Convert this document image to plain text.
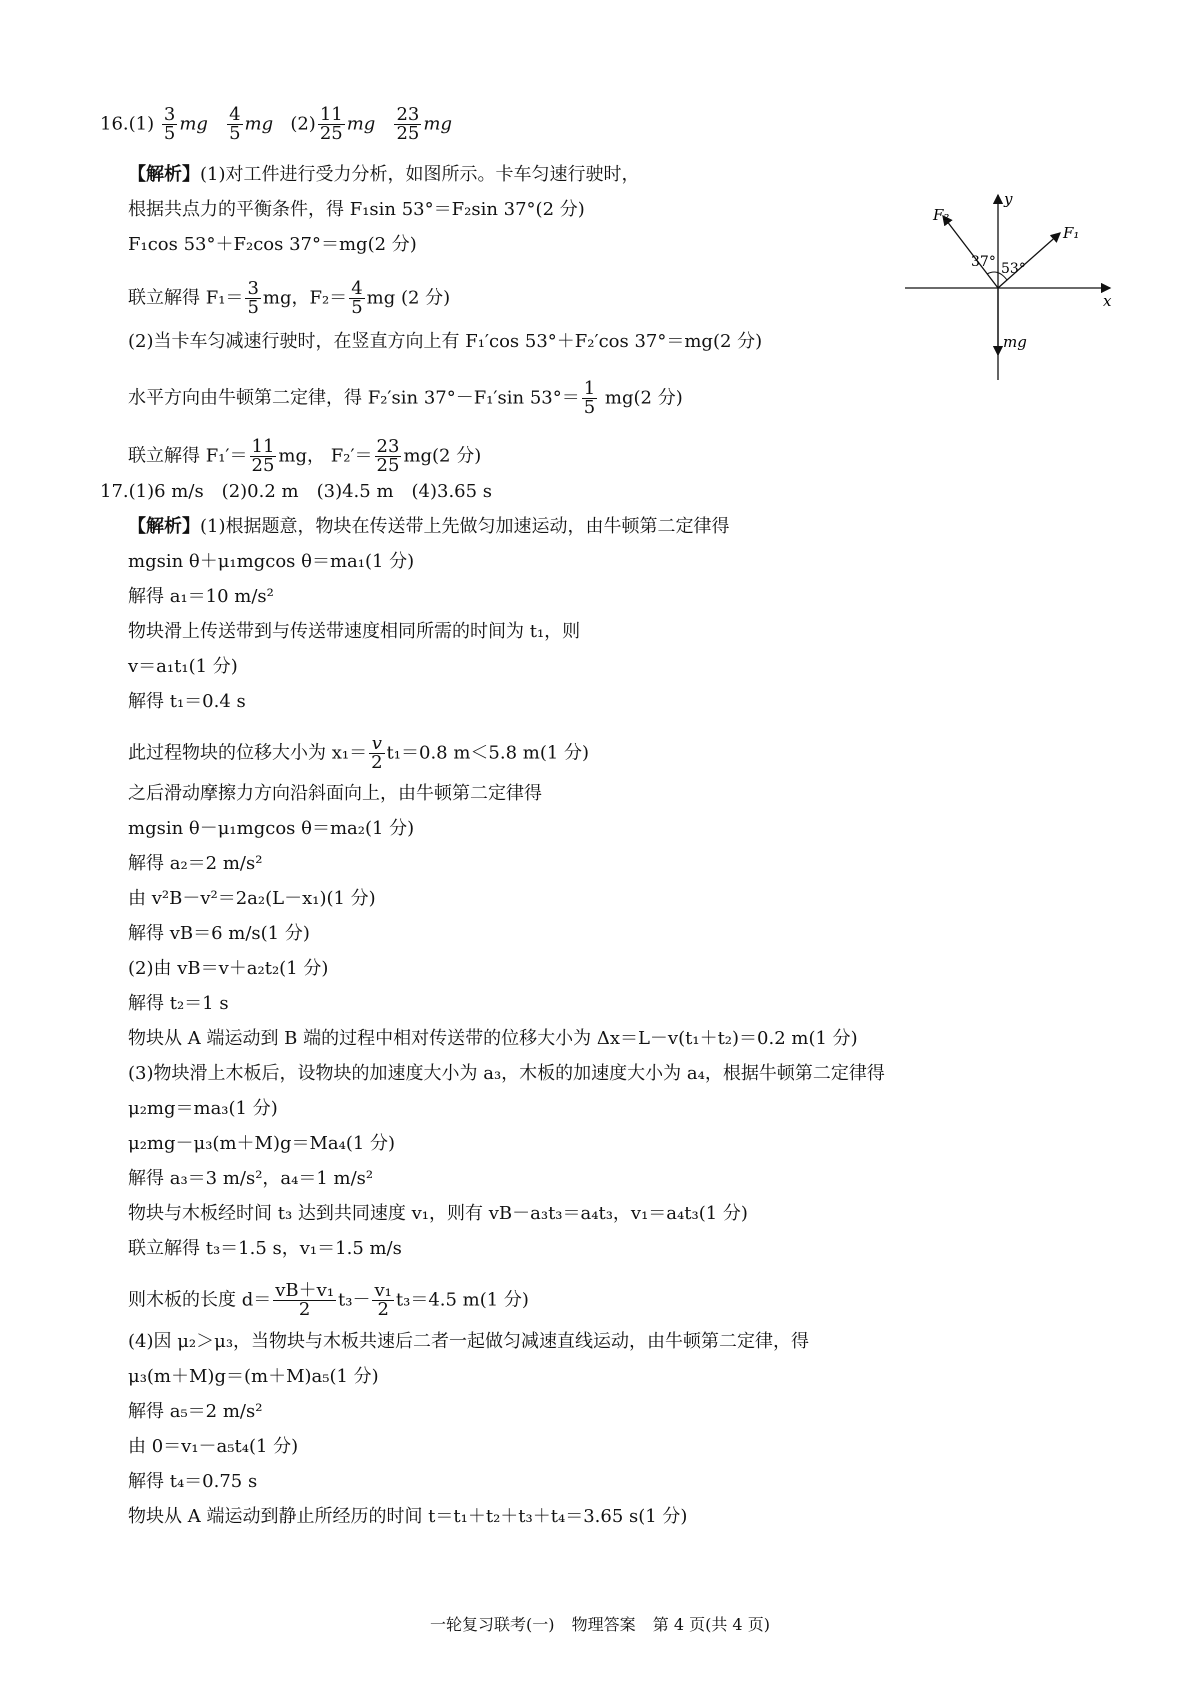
$16.(1) \frac{3}{5}$ mg $\frac{4}{5}$ mg $(2) \frac{11}{25}$ mg $\frac{23}{25}$ mg
【解析】(1)对工件进行受力分析，如图所示。卡车匀速行驶时，
根据共点力的平衡条件，得 F₁sin 53°＝F₂sin 37°(2 分)
F₁cos 53°＋F₂cos 37°＝mg(2 分)
联立解得 $F_1= \frac{3}{5}$ mg，$F_2= \frac{4}{5}$ mg (2 分)
(2)当卡车匀减速行驶时，在竖直方向上有 F₁′cos 53°＋F₂′cos 37°＝mg(2 分)
水平方向由牛顿第二定律，得 F₂′sin 37°－F₁′sin $53^\circ= \frac{1}{5} mg(2$ 分)
联立解得 $F_1'= \frac{11}{25}$ mg， $F_2'= \frac{23}{25} mg(2$ 分)
F₂
F₁
y
x
mg
37° 53°
17.(1)6 m/s　(2)0.2 m　(3)4.5 m　(4)3.65 s
【解析】(1)根据题意，物块在传送带上先做匀加速运动，由牛顿第二定律得
mgsin θ＋μ₁mgcos θ＝ma₁(1 分)
解得 a₁＝10 m/s²
物块滑上传送带到与传送带速度相同所需的时间为 t₁，则
v＝a₁t₁(1 分)
解得 t₁＝0.4 s
此过程物块的位移大小为 $x_1= \frac{v}{2} t_1=0.8$ m＜5.8 m(1 分)
之后滑动摩擦力方向沿斜面向上，由牛顿第二定律得
mgsin θ－μ₁mgcos θ＝ma₂(1 分)
解得 a₂＝2 m/s²
由 v²B－v²＝2a₂(L－x₁)(1 分)
解得 vB＝6 m/s(1 分)
(2)由 vB＝v＋a₂t₂(1 分)
解得 t₂＝1 s
物块从 A 端运动到 B 端的过程中相对传送带的位移大小为 Δx＝L－v(t₁＋t₂)＝0.2 m(1 分)
(3)物块滑上木板后，设物块的加速度大小为 a₃，木板的加速度大小为 a₄，根据牛顿第二定律得
μ₂mg＝ma₃(1 分)
μ₂mg－μ₃(m＋M)g＝Ma₄(1 分)
解得 a₃＝3 m/s²，a₄＝1 m/s²
物块与木板经时间 t₃ 达到共同速度 v₁，则有 vB－a₃t₃＝a₄t₃，v₁＝a₄t₃(1 分)
联立解得 t₃＝1.5 s，v₁＝1.5 m/s
则木板的长度 $d= \frac{\text{vB＋v₁}}{2} t_3- \frac{\text{v₁}}{2} t_3=4.5$ m(1 分)
(4)因 μ₂＞μ₃，当物块与木板共速后二者一起做匀减速直线运动，由牛顿第二定律，得
μ₃(m＋M)g＝(m＋M)a₅(1 分)
解得 a₅＝2 m/s²
由 0＝v₁－a₅t₄(1 分)
解得 t₄＝0.75 s
物块从 A 端运动到静止所经历的时间 t＝t₁＋t₂＋t₃＋t₄＝3.65 s(1 分)
一轮复习联考(一) 物理答案 第 4 页(共 4 页)
